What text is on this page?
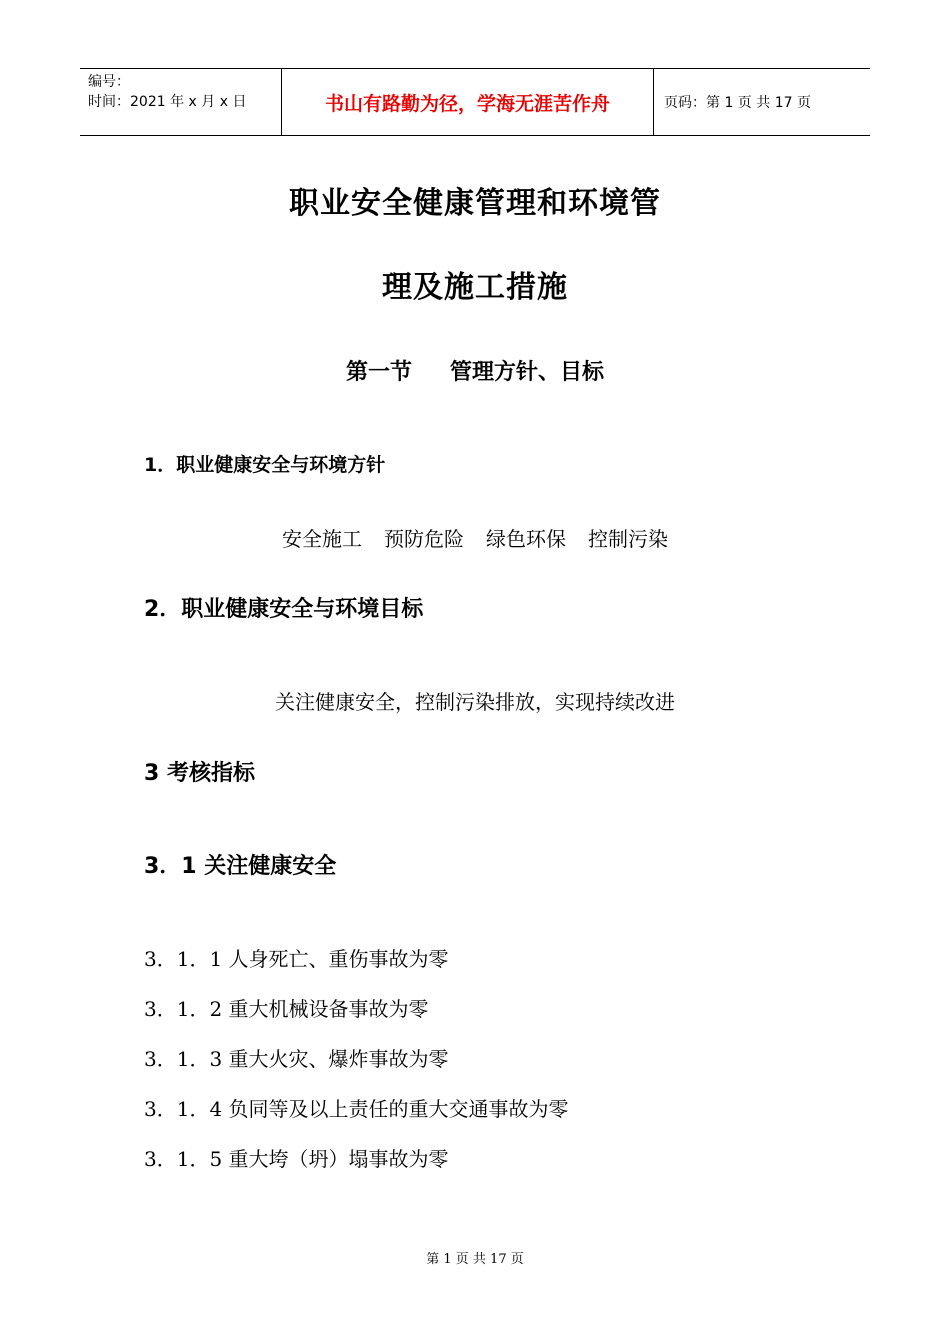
编号：
时间：2021 年 x 月 x 日	书山有路勤为径，学海无涯苦作舟	页码：第 1 页 共 17 页
职业安全健康管理和环境管
理及施工措施
第一节 管理方针、目标
1．职业健康安全与环境方针
安全施工 预防危险 绿色环保 控制污染
2．职业健康安全与环境目标
关注健康安全，控制污染排放，实现持续改进
3 考核指标
3．1 关注健康安全
3．1．1 人身死亡、重伤事故为零
3．1．2 重大机械设备事故为零
3．1．3 重大火灾、爆炸事故为零
3．1．4 负同等及以上责任的重大交通事故为零
3．1．5 重大垮（坍）塌事故为零
第 1 页 共 17 页
